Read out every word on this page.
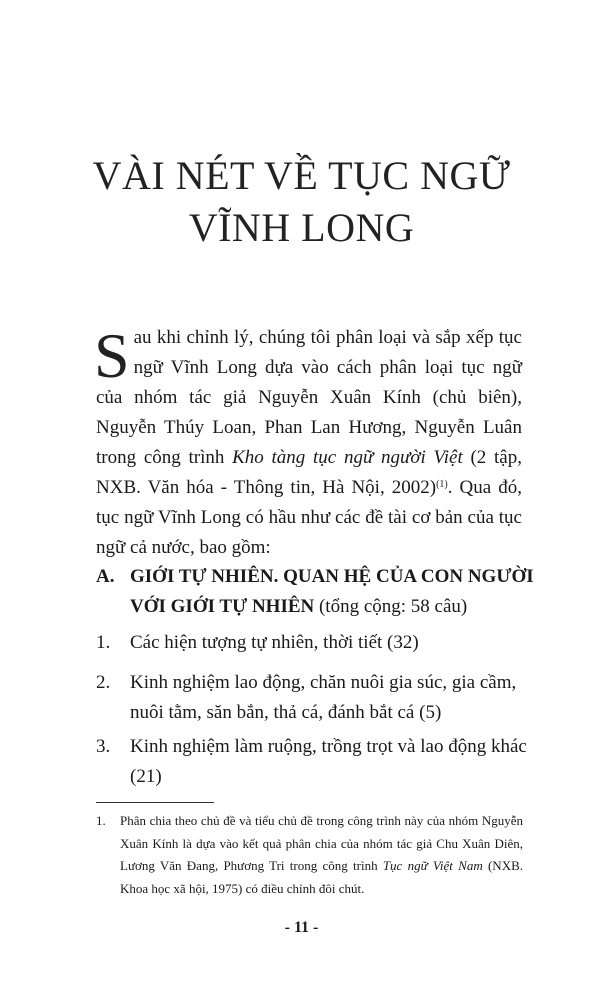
VÀI NÉT VỀ TỤC NGỮ
VĨNH LONG

Sau khi chỉnh lý, chúng tôi phân loại và sắp xếp tục ngữ Vĩnh Long dựa vào cách phân loại tục ngữ của nhóm tác giả Nguyễn Xuân Kính (chủ biên), Nguyễn Thúy Loan, Phan Lan Hương, Nguyễn Luân trong công trình Kho tàng tục ngữ người Việt (2 tập, NXB. Văn hóa - Thông tin, Hà Nội, 2002)$^{(1)}$. Qua đó, tục ngữ Vĩnh Long có hầu như các đề tài cơ bản của tục ngữ cả nước, bao gồm:

A. GIỚI TỰ NHIÊN. QUAN HỆ CỦA CON NGƯỜI VỚI GIỚI TỰ NHIÊN (tổng cộng: 58 câu)
1. Các hiện tượng tự nhiên, thời tiết (32)
2. Kinh nghiệm lao động, chăn nuôi gia súc, gia cầm, nuôi tằm, săn bắn, thả cá, đánh bắt cá (5)
3. Kinh nghiệm làm ruộng, trồng trọt và lao động khác (21)

1. Phân chia theo chủ đề và tiểu chủ đề trong công trình này của nhóm Nguyễn Xuân Kính là dựa vào kết quả phân chia của nhóm tác giả Chu Xuân Diên, Lương Văn Đang, Phương Tri trong công trình Tục ngữ Việt Nam (NXB. Khoa học xã hội, 1975) có điều chỉnh đôi chút.

- 11 -
